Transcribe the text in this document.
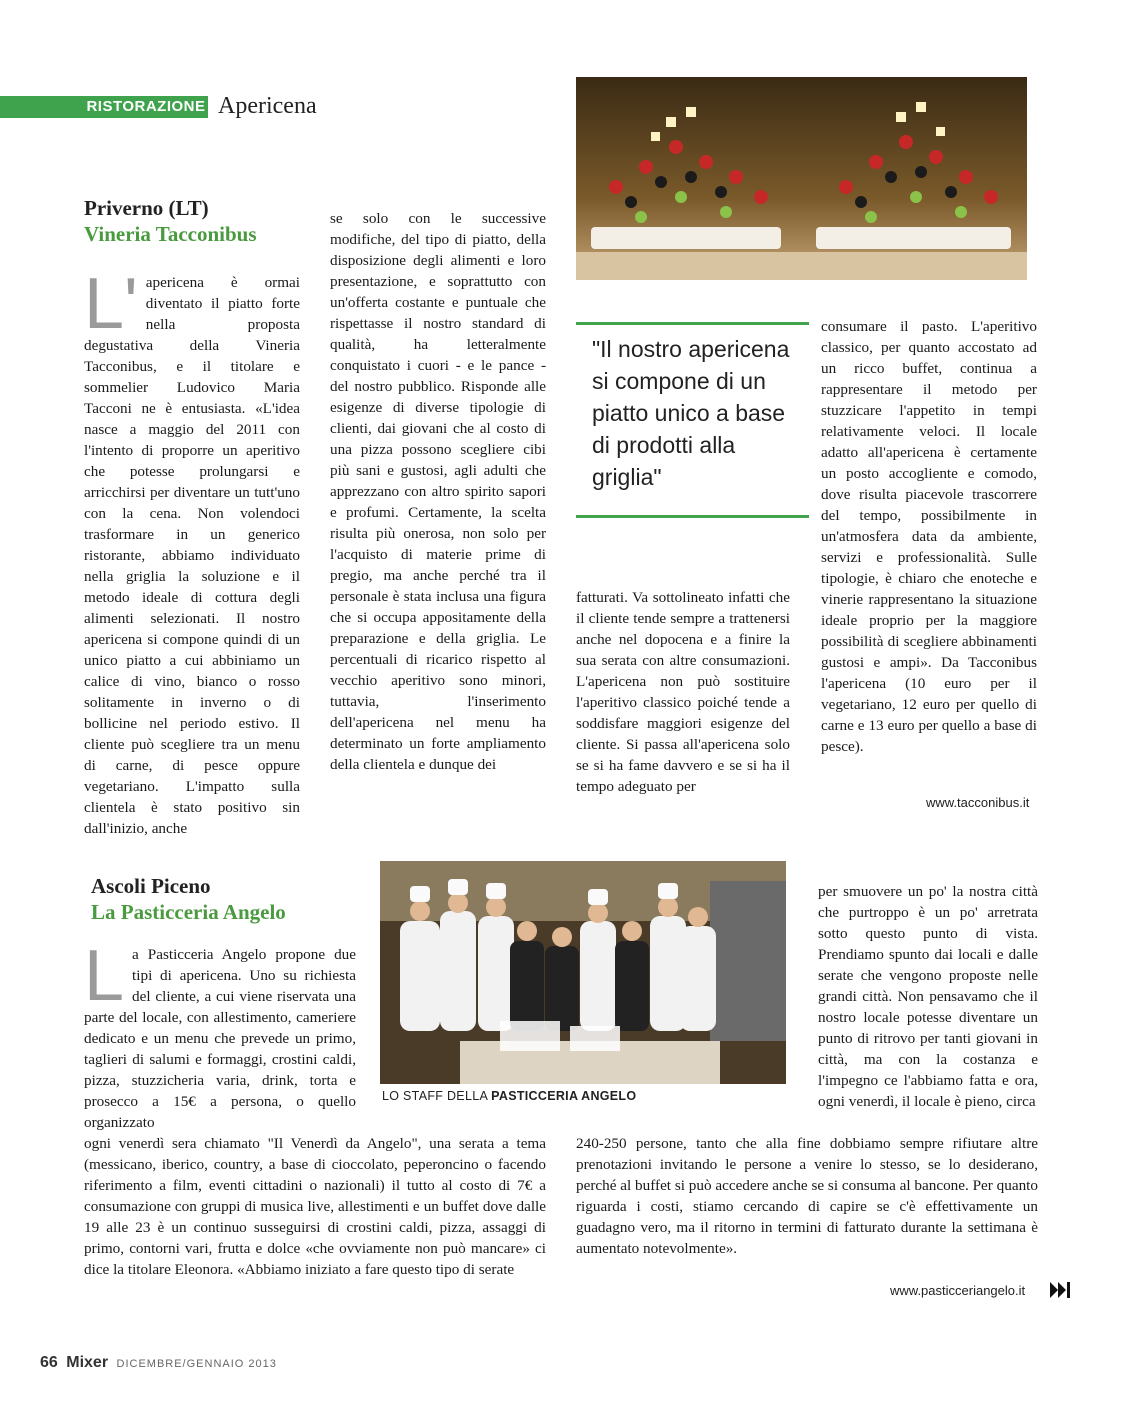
RISTORAZIONE Apericena
Priverno (LT)
Vineria Tacconibus
L' apericena è ormai diventato il piatto forte nella proposta degustativa della Vineria Tacconibus, e il titolare e sommelier Ludovico Maria Tacconi ne è entusiasta. «L'idea nasce a maggio del 2011 con l'intento di proporre un aperitivo che potesse prolungarsi e arricchirsi per diventare un tutt'uno con la cena. Non volendoci trasformare in un generico ristorante, abbiamo individuato nella griglia la soluzione e il metodo ideale di cottura degli alimenti selezionati. Il nostro apericena si compone quindi di un unico piatto a cui abbiniamo un calice di vino, bianco o rosso solitamente in inverno o di bollicine nel periodo estivo. Il cliente può scegliere tra un menu di carne, di pesce oppure vegetariano. L'impatto sulla clientela è stato positivo sin dall'inizio, anche

se solo con le successive modifiche, del tipo di piatto, della disposizione degli alimenti e loro presentazione, e soprattutto con un'offerta costante e puntuale che rispettasse il nostro standard di qualità, ha letteralmente conquistato i cuori - e le pance - del nostro pubblico. Risponde alle esigenze di diverse tipologie di clienti, dai giovani che al costo di una pizza possono scegliere cibi più sani e gustosi, agli adulti che apprezzano con altro spirito sapori e profumi. Certamente, la scelta risulta più onerosa, non solo per l'acquisto di materie prime di pregio, ma anche perché tra il personale è stata inclusa una figura che si occupa appositamente della preparazione e della griglia. Le percentuali di ricarico rispetto al vecchio aperitivo sono minori, tuttavia, l'inserimento dell'apericena nel menu ha determinato un forte ampliamento della clientela e dunque dei

"Il nostro apericena si compone di un piatto unico a base di prodotti alla griglia"

fatturati. Va sottolineato infatti che il cliente tende sempre a trattenersi anche nel dopocena e a finire la sua serata con altre consumazioni. L'apericena non può sostituire l'aperitivo classico poiché tende a soddisfare maggiori esigenze del cliente. Si passa all'apericena solo se si ha fame davvero e se si ha il tempo adeguato per

consumare il pasto. L'aperitivo classico, per quanto accostato ad un ricco buffet, continua a rappresentare il metodo per stuzzicare l'appetito in tempi relativamente veloci. Il locale adatto all'apericena è certamente un posto accogliente e comodo, dove risulta piacevole trascorrere del tempo, possibilmente in un'atmosfera data da ambiente, servizi e professionalità. Sulle tipologie, è chiaro che enoteche e vinerie rappresentano la situazione ideale proprio per la maggiore possibilità di scegliere abbinamenti gustosi e ampi». Da Tacconibus l'apericena (10 euro per il vegetariano, 12 euro per quello di carne e 13 euro per quello a base di pesce).

www.tacconibus.it
Ascoli Piceno
La Pasticceria Angelo
LO STAFF DELLA PASTICCERIA ANGELO
L a Pasticceria Angelo propone due tipi di apericena. Uno su richiesta del cliente, a cui viene riservata una parte del locale, con allestimento, cameriere dedicato e un menu che prevede un primo, taglieri di salumi e formaggi, crostini caldi, pizza, stuzzicheria varia, drink, torta e prosecco a 15€ a persona, o quello organizzato

ogni venerdì sera chiamato "Il Venerdì da Angelo", una serata a tema (messicano, iberico, country, a base di cioccolato, peperoncino o facendo riferimento a film, eventi cittadini o nazionali) il tutto al costo di 7€ a consumazione con gruppi di musica live, allestimenti e un buffet dove dalle 19 alle 23 è un continuo susseguirsi di crostini caldi, pizza, assaggi di primo, contorni vari, frutta e dolce «che ovviamente non può mancare» ci dice la titolare Eleonora. «Abbiamo iniziato a fare questo tipo di serate

per smuovere un po' la nostra città che purtroppo è un po' arretrata sotto questo punto di vista. Prendiamo spunto dai locali e dalle serate che vengono proposte nelle grandi città. Non pensavamo che il nostro locale potesse diventare un punto di ritrovo per tanti giovani in città, ma con la costanza e l'impegno ce l'abbiamo fatta e ora, ogni venerdì, il locale è pieno, circa

240-250 persone, tanto che alla fine dobbiamo sempre rifiutare altre prenotazioni invitando le persone a venire lo stesso, se lo desiderano, perché al buffet si può accedere anche se si consuma al bancone. Per quanto riguarda i costi, stiamo cercando di capire se c'è effettivamente un guadagno vero, ma il ritorno in termini di fatturato durante la settimana è aumentato notevolmente».

www.pasticceriangelo.it
66 Mixer DICEMBRE/GENNAIO 2013
